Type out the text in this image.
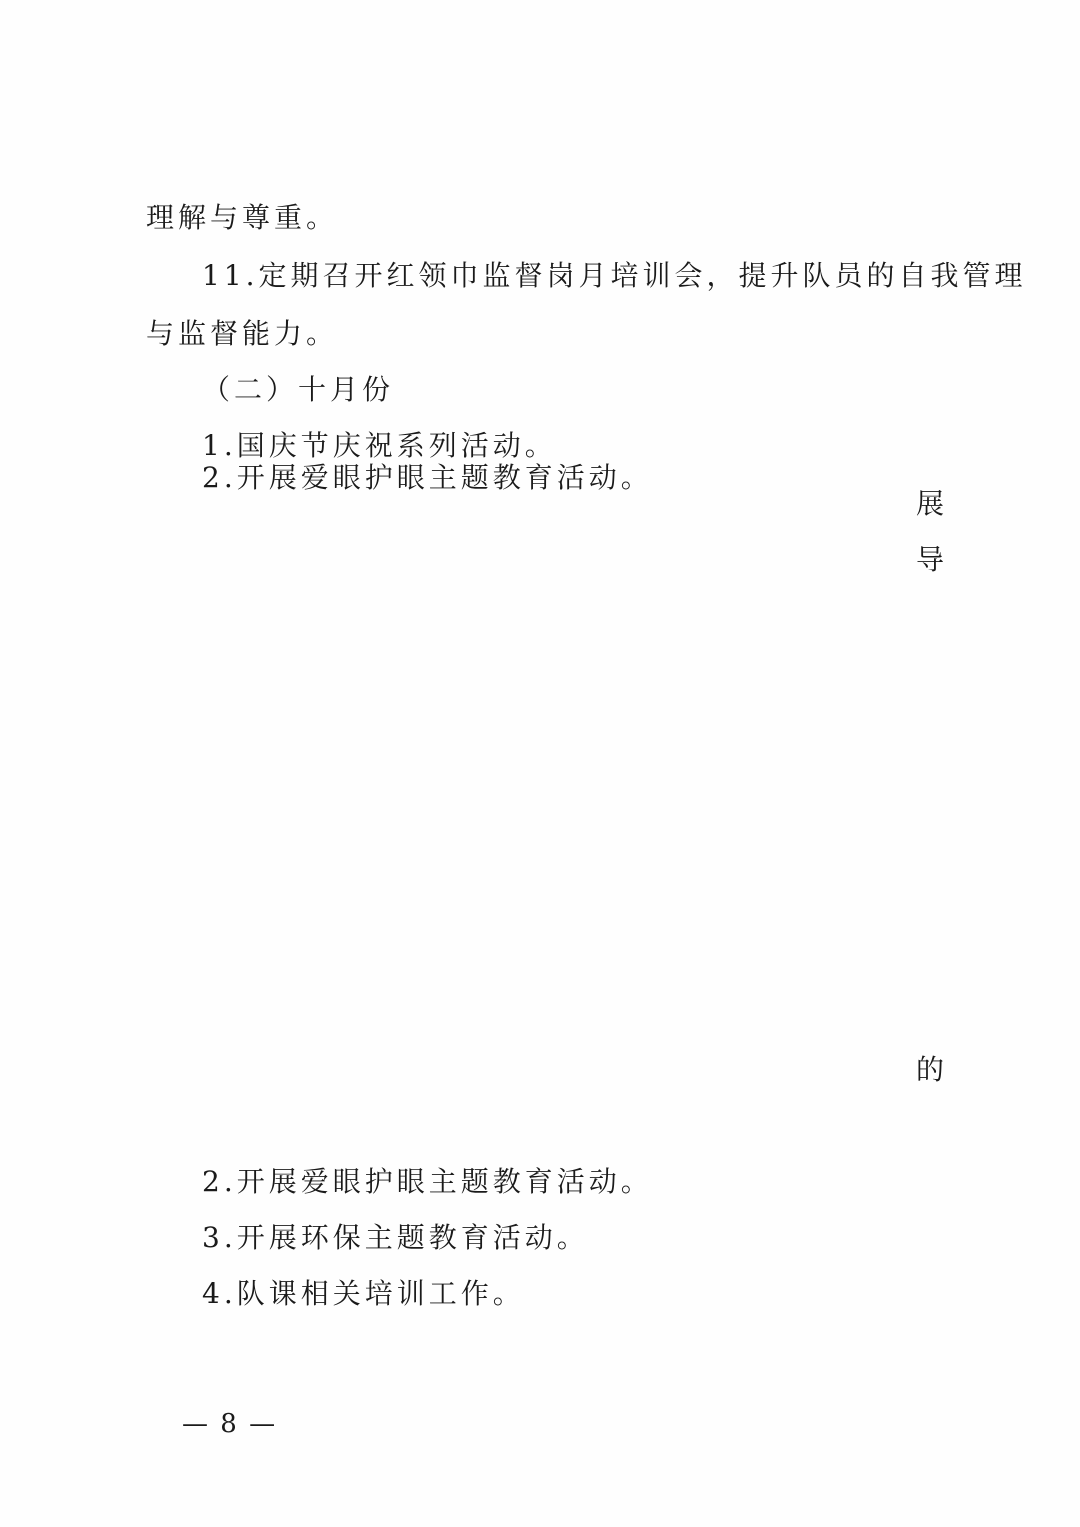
理解与尊重。
11.定期召开红领巾监督岗月培训会，提升队员的自我管理
与监督能力。
（二）十月份
1.国庆节庆祝系列活动。
2.开展爱眼护眼主题教育活动。
展
导
的
2.开展爱眼护眼主题教育活动。
3.开展环保主题教育活动。
4.队课相关培训工作。
— 8 —
